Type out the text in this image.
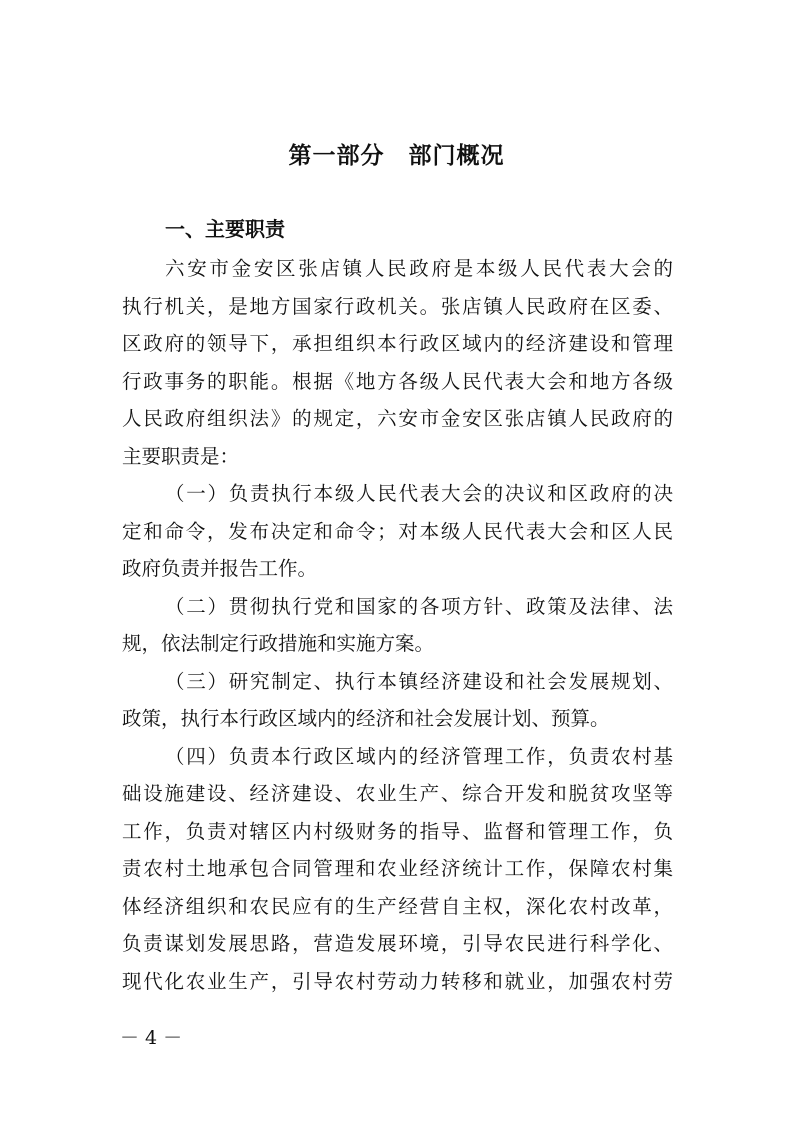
第一部分　部门概况
一、主要职责
六安市金安区张店镇人民政府是本级人民代表大会的
执行机关，是地方国家行政机关。张店镇人民政府在区委、
区政府的领导下，承担组织本行政区域内的经济建设和管理
行政事务的职能。根据《地方各级人民代表大会和地方各级
人民政府组织法》的规定，六安市金安区张店镇人民政府的
主要职责是：
（一）负责执行本级人民代表大会的决议和区政府的决
定和命令，发布决定和命令；对本级人民代表大会和区人民
政府负责并报告工作。
（二）贯彻执行党和国家的各项方针、政策及法律、法
规，依法制定行政措施和实施方案。
（三）研究制定、执行本镇经济建设和社会发展规划、
政策，执行本行政区域内的经济和社会发展计划、预算。
（四）负责本行政区域内的经济管理工作，负责农村基
础设施建设、经济建设、农业生产、综合开发和脱贫攻坚等
工作，负责对辖区内村级财务的指导、监督和管理工作，负
责农村土地承包合同管理和农业经济统计工作，保障农村集
体经济组织和农民应有的生产经营自主权，深化农村改革，
负责谋划发展思路，营造发展环境，引导农民进行科学化、
现代化农业生产，引导农村劳动力转移和就业，加强农村劳
－ 4 －
